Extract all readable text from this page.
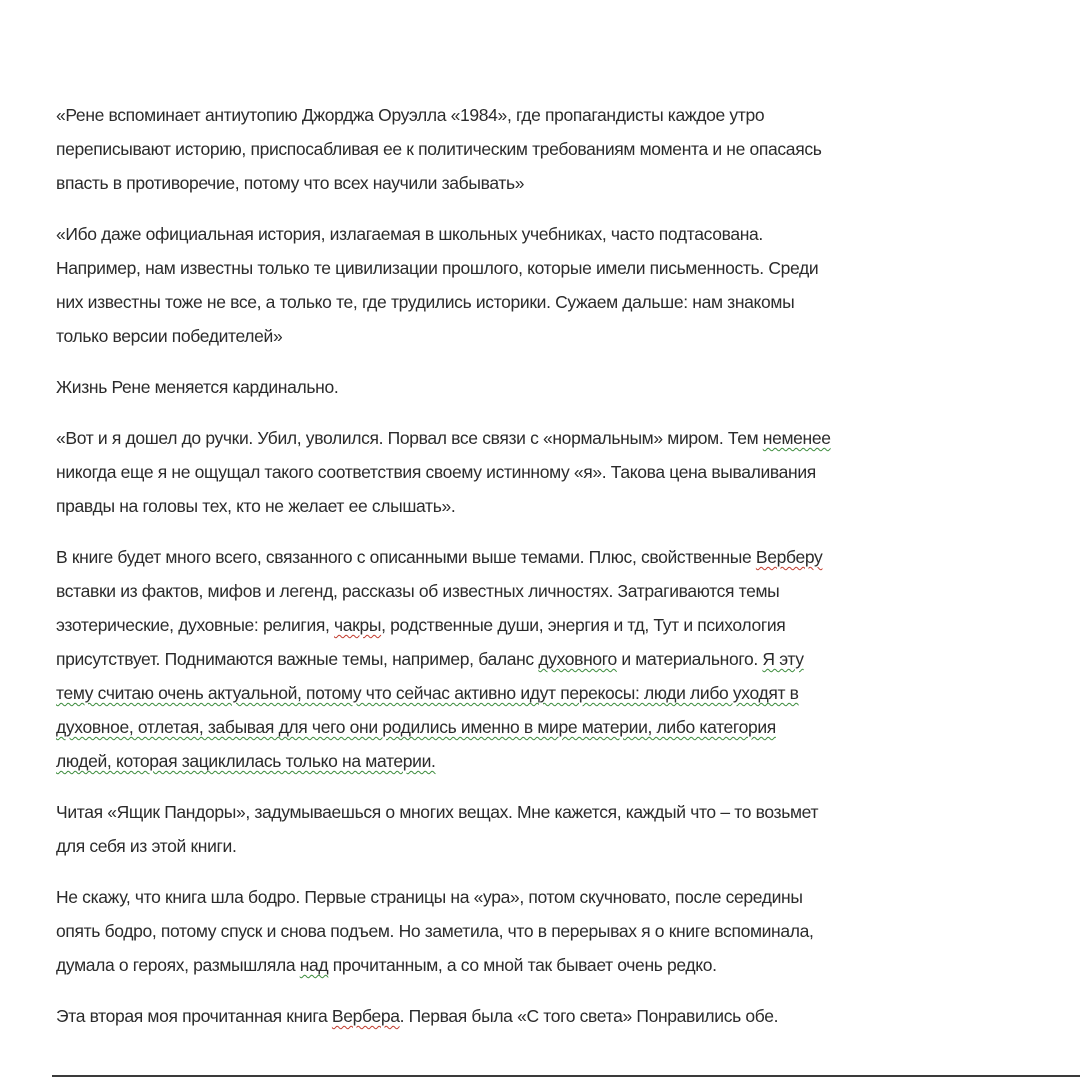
«Рене вспоминает антиутопию Джорджа Оруэлла «1984», где пропагандисты каждое утро
переписывают историю, приспосабливая ее к политическим требованиям момента и не опасаясь
впасть в противоречие, потому что всех научили забывать»

«Ибо даже официальная история, излагаемая в школьных учебниках, часто подтасована.
Например, нам известны только те цивилизации прошлого, которые имели письменность. Среди
них известны тоже не все, а только те, где трудились историки. Сужаем дальше: нам знакомы
только версии победителей»

Жизнь Рене меняется кардинально.

«Вот и я дошел до ручки. Убил, уволился. Порвал все связи с «нормальным» миром. Тем неменее
никогда еще я не ощущал такого соответствия своему истинному «я». Такова цена вываливания
правды на головы тех, кто не желает ее слышать».

В книге будет много всего, связанного с описанными выше темами. Плюс, свойственные Верберу
вставки из фактов, мифов и легенд, рассказы об известных личностях. Затрагиваются темы
эзотерические, духовные: религия, чакры, родственные души, энергия и тд, Тут и психология
присутствует. Поднимаются важные темы, например, баланс духовного и материального. Я эту
тему считаю очень актуальной, потому что сейчас активно идут перекосы: люди либо уходят в
духовное, отлетая, забывая для чего они родились именно в мире материи, либо категория
людей, которая зациклилась только на материи.

Читая «Ящик Пандоры», задумываешься о многих вещах. Мне кажется, каждый что – то возьмет
для себя из этой книги.

Не скажу, что книга шла бодро. Первые страницы на «ура», потом скучновато, после середины
опять бодро, потому спуск и снова подъем. Но заметила, что в перерывах я о книге вспоминала,
думала о героях, размышляла над прочитанным, а со мной так бывает очень редко.

Эта вторая моя прочитанная книга Вербера. Первая была «С того света» Понравились обе.
